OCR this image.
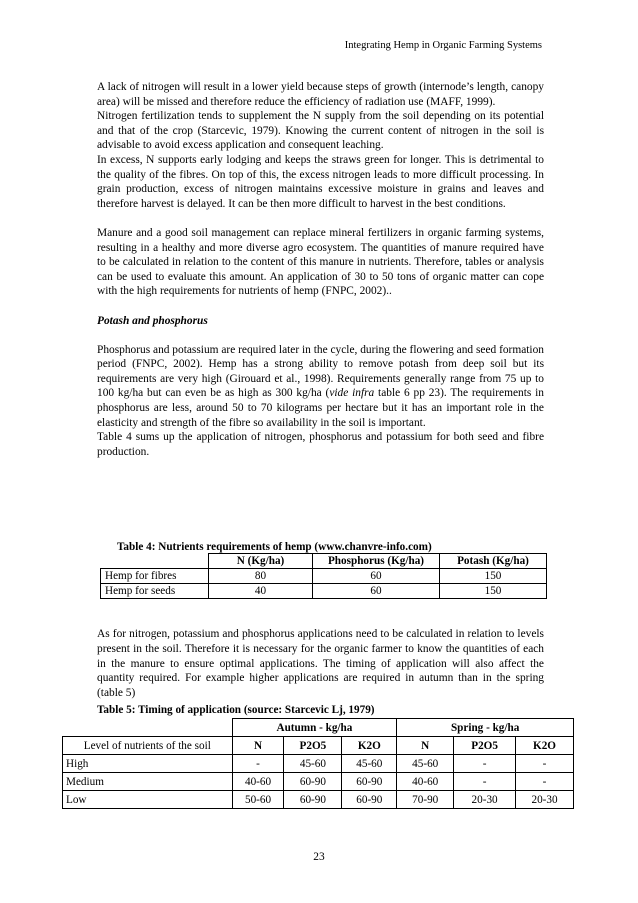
Integrating Hemp in Organic Farming Systems

A lack of nitrogen will result in a lower yield because steps of growth (internode’s length, canopy area) will be missed and therefore reduce the efficiency of radiation use (MAFF, 1999).

Nitrogen fertilization tends to supplement the N supply from the soil depending on its potential and that of the crop (Starcevic, 1979). Knowing the current content of nitrogen in the soil is advisable to avoid excess application and consequent leaching.

In excess, N supports early lodging and keeps the straws green for longer. This is detrimental to the quality of the fibres. On top of this, the excess nitrogen leads to more difficult processing. In grain production, excess of nitrogen maintains excessive moisture in grains and leaves and therefore harvest is delayed. It can be then more difficult to harvest in the best conditions.

Manure and a good soil management can replace mineral fertilizers in organic farming systems, resulting in a healthy and more diverse agro ecosystem. The quantities of manure required have to be calculated in relation to the content of this manure in nutrients. Therefore, tables or analysis can be used to evaluate this amount. An application of 30 to 50 tons of organic matter can cope with the high requirements for nutrients of hemp (FNPC, 2002)..

Potash and phosphorus

Phosphorus and potassium are required later in the cycle, during the flowering and seed formation period (FNPC, 2002). Hemp has a strong ability to remove potash from deep soil but its requirements are very high (Girouard et al., 1998). Requirements generally range from 75 up to 100 kg/ha but can even be as high as 300 kg/ha (vide infra table 6 pp 23). The requirements in phosphorus are less, around 50 to 70 kilograms per hectare but it has an important role in the elasticity and strength of the fibre so availability in the soil is important.

Table 4 sums up the application of nitrogen, phosphorus and potassium for both seed and fibre production.

Table 4: Nutrients requirements of hemp (www.chanvre-info.com)
	N (Kg/ha)	Phosphorus (Kg/ha)	Potash (Kg/ha)
Hemp for fibres	80	60	150
Hemp for seeds	40	60	150

As for nitrogen, potassium and phosphorus applications need to be calculated in relation to levels present in the soil. Therefore it is necessary for the organic farmer to know the quantities of each in the manure to ensure optimal applications. The timing of application will also affect the quantity required. For example higher applications are required in autumn than in the spring (table 5)

Table 5: Timing of application (source: Starcevic Lj, 1979)
	Autumn - kg/ha			Spring - kg/ha		
Level of nutrients of the soil	N	P2O5	K2O	N	P2O5	K2O
High	-	45-60	45-60	45-60	-	-
Medium	40-60	60-90	60-90	40-60	-	-
Low	50-60	60-90	60-90	70-90	20-30	20-30
23
